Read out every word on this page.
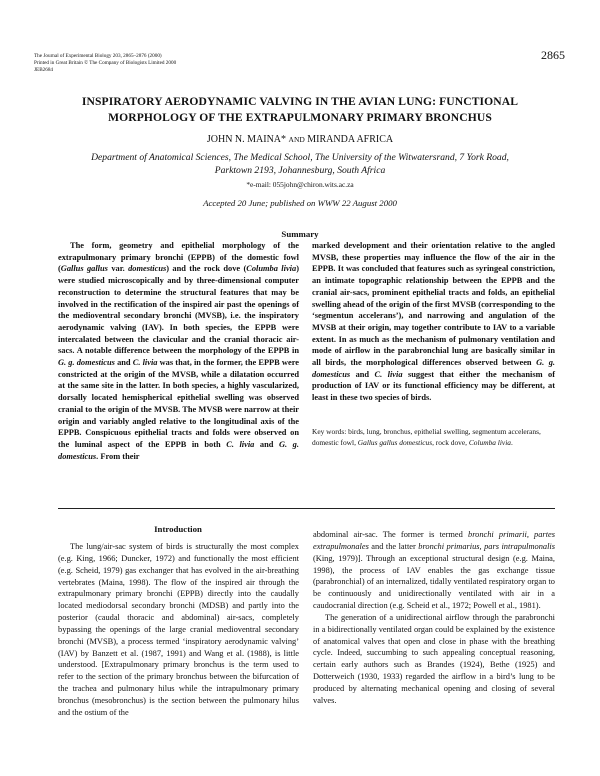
The Journal of Experimental Biology 203, 2865–2876 (2000)
Printed in Great Britain © The Company of Biologists Limited 2000
JEB2684
2865
INSPIRATORY AERODYNAMIC VALVING IN THE AVIAN LUNG: FUNCTIONAL
MORPHOLOGY OF THE EXTRAPULMONARY PRIMARY BRONCHUS
JOHN N. MAINA* AND MIRANDA AFRICA
Department of Anatomical Sciences, The Medical School, The University of the Witwatersrand, 7 York Road,
Parktown 2193, Johannesburg, South Africa
*e-mail: 055john@chiron.wits.ac.za
Accepted 20 June; published on WWW 22 August 2000
Summary
The form, geometry and epithelial morphology of the extrapulmonary primary bronchi (EPPB) of the domestic fowl (Gallus gallus var. domesticus) and the rock dove (Columba livia) were studied microscopically and by three-dimensional computer reconstruction to determine the structural features that may be involved in the rectification of the inspired air past the openings of the medioventral secondary bronchi (MVSB), i.e. the inspiratory aerodynamic valving (IAV). In both species, the EPPB were intercalated between the clavicular and the cranial thoracic air-sacs. A notable difference between the morphology of the EPPB in G. g. domesticus and C. livia was that, in the former, the EPPB were constricted at the origin of the MVSB, while a dilatation occurred at the same site in the latter. In both species, a highly vascularized, dorsally located hemispherical epithelial swelling was observed cranial to the origin of the MVSB. The MVSB were narrow at their origin and variably angled relative to the longitudinal axis of the EPPB. Conspicuous epithelial tracts and folds were observed on the luminal aspect of the EPPB in both C. livia and G. g. domesticus. From their
marked development and their orientation relative to the angled MVSB, these properties may influence the flow of the air in the EPPB. It was concluded that features such as syringeal constriction, an intimate topographic relationship between the EPPB and the cranial air-sacs, prominent epithelial tracts and folds, an epithelial swelling ahead of the origin of the first MVSB (corresponding to the ‘segmentun accelerans’), and narrowing and angulation of the MVSB at their origin, may together contribute to IAV to a variable extent. In as much as the mechanism of pulmonary ventilation and mode of airflow in the parabronchial lung are basically similar in all birds, the morphological differences observed between G. g. domesticus and C. livia suggest that either the mechanism of production of IAV or its functional efficiency may be different, at least in these two species of birds.
Key words: birds, lung, bronchus, epithelial swelling, segmentum accelerans, domestic fowl, Gallus gallus domesticus, rock dove, Columba livia.
Introduction
The lung/air-sac system of birds is structurally the most complex (e.g. King, 1966; Duncker, 1972) and functionally the most efficient (e.g. Scheid, 1979) gas exchanger that has evolved in the air-breathing vertebrates (Maina, 1998). The flow of the inspired air through the extrapulmonary primary bronchi (EPPB) directly into the caudally located mediodorsal secondary bronchi (MDSB) and partly into the posterior (caudal thoracic and abdominal) air-sacs, completely bypassing the openings of the large cranial medioventral secondary bronchi (MVSB), a process termed ‘inspiratory aerodynamic valving’ (IAV) by Banzett et al. (1987, 1991) and Wang et al. (1988), is little understood. [Extrapulmonary primary bronchus is the term used to refer to the section of the primary bronchus between the bifurcation of the trachea and pulmonary hilus while the intrapulmonary primary bronchus (mesobronchus) is the section between the pulmonary hilus and the ostium of the
abdominal air-sac. The former is termed bronchi primarii, partes extrapulmonales and the latter bronchi primarius, pars intrapulmonalis (King, 1979)]. Through an exceptional structural design (e.g. Maina, 1998), the process of IAV enables the gas exchange tissue (parabronchial) of an internalized, tidally ventilated respiratory organ to be continuously and unidirectionally ventilated with air in a caudocranial direction (e.g. Scheid et al., 1972; Powell et al., 1981).
The generation of a unidirectional airflow through the parabronchi in a bidirectionally ventilated organ could be explained by the existence of anatomical valves that open and close in phase with the breathing cycle. Indeed, succumbing to such appealing conceptual reasoning, certain early authors such as Brandes (1924), Bethe (1925) and Dotterweich (1930, 1933) regarded the airflow in a bird’s lung to be produced by alternating mechanical opening and closing of several valves.
